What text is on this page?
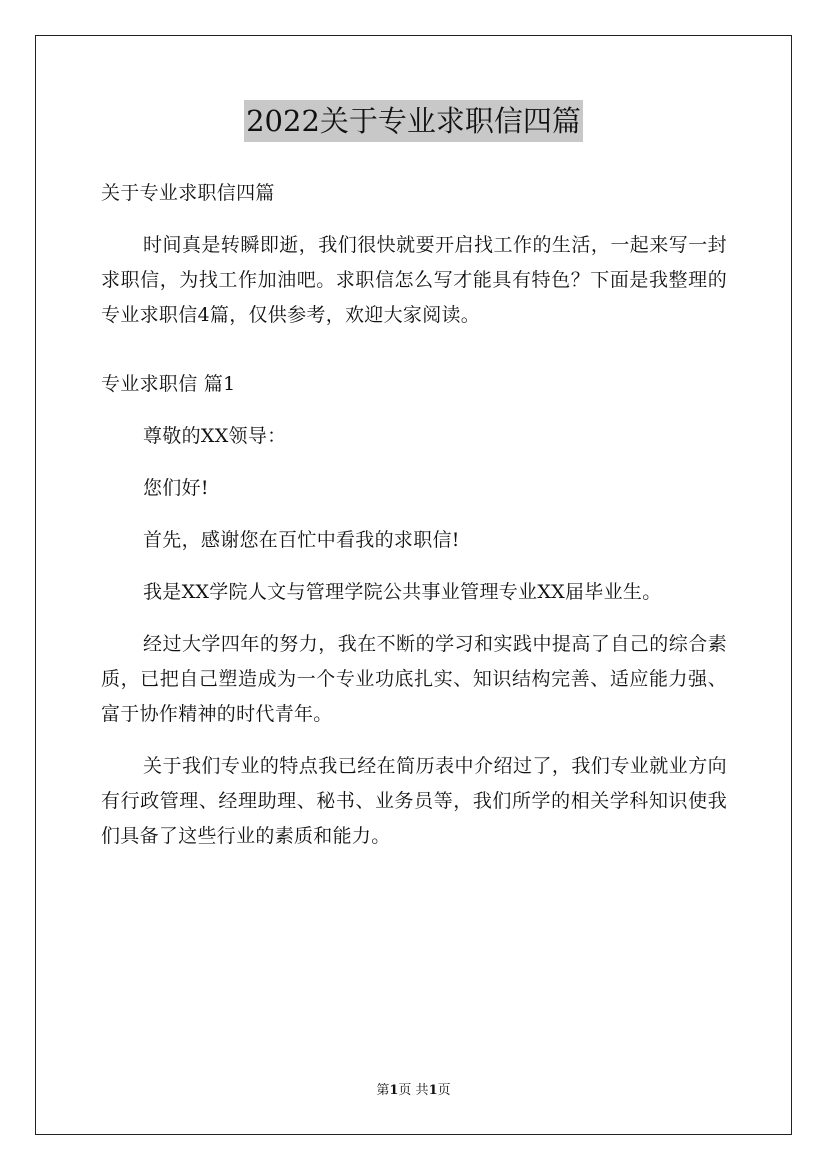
2022关于专业求职信四篇

关于专业求职信四篇

时间真是转瞬即逝，我们很快就要开启找工作的生活，一起来写一封求职信，为找工作加油吧。求职信怎么写才能具有特色？下面是我整理的专业求职信4篇，仅供参考，欢迎大家阅读。

专业求职信 篇1

尊敬的XX领导：

您们好!

首先，感谢您在百忙中看我的求职信!

我是XX学院人文与管理学院公共事业管理专业XX届毕业生。

经过大学四年的努力，我在不断的学习和实践中提高了自己的综合素质，已把自己塑造成为一个专业功底扎实、知识结构完善、适应能力强、富于协作精神的时代青年。

关于我们专业的特点我已经在简历表中介绍过了，我们专业就业方向有行政管理、经理助理、秘书、业务员等，我们所学的相关学科知识使我们具备了这些行业的素质和能力。

第1页 共1页
